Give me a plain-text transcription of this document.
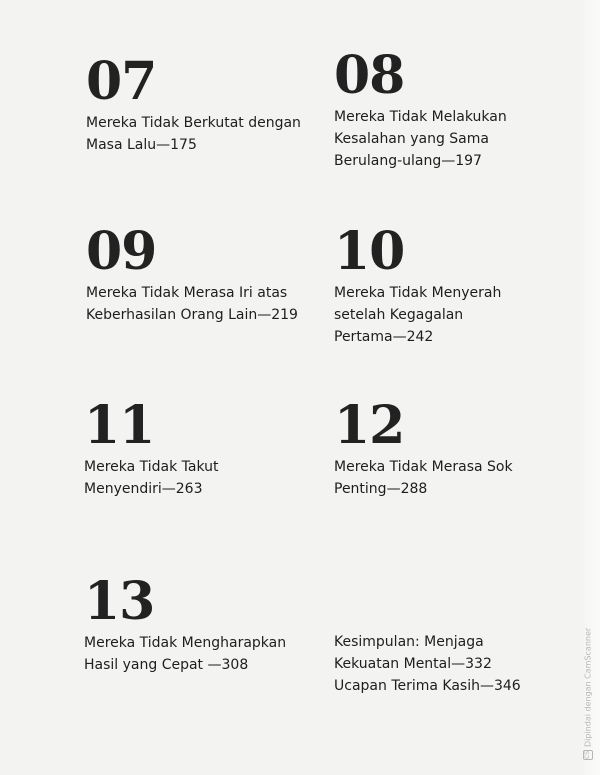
07
Mereka Tidak Berkutat dengan
Masa Lalu—175
08
Mereka Tidak Melakukan
Kesalahan yang Sama
Berulang-ulang—197
09
Mereka Tidak Merasa Iri atas
Keberhasilan Orang Lain—219
10
Mereka Tidak Menyerah
setelah Kegagalan
Pertama—242
11
Mereka Tidak Takut
Menyendiri—263
12
Mereka Tidak Merasa Sok
Penting—288
13
Mereka Tidak Mengharapkan
Hasil yang Cepat —308
Kesimpulan: Menjaga
Kekuatan Mental—332
Ucapan Terima Kasih—346
CSDipindai dengan CamScanner
